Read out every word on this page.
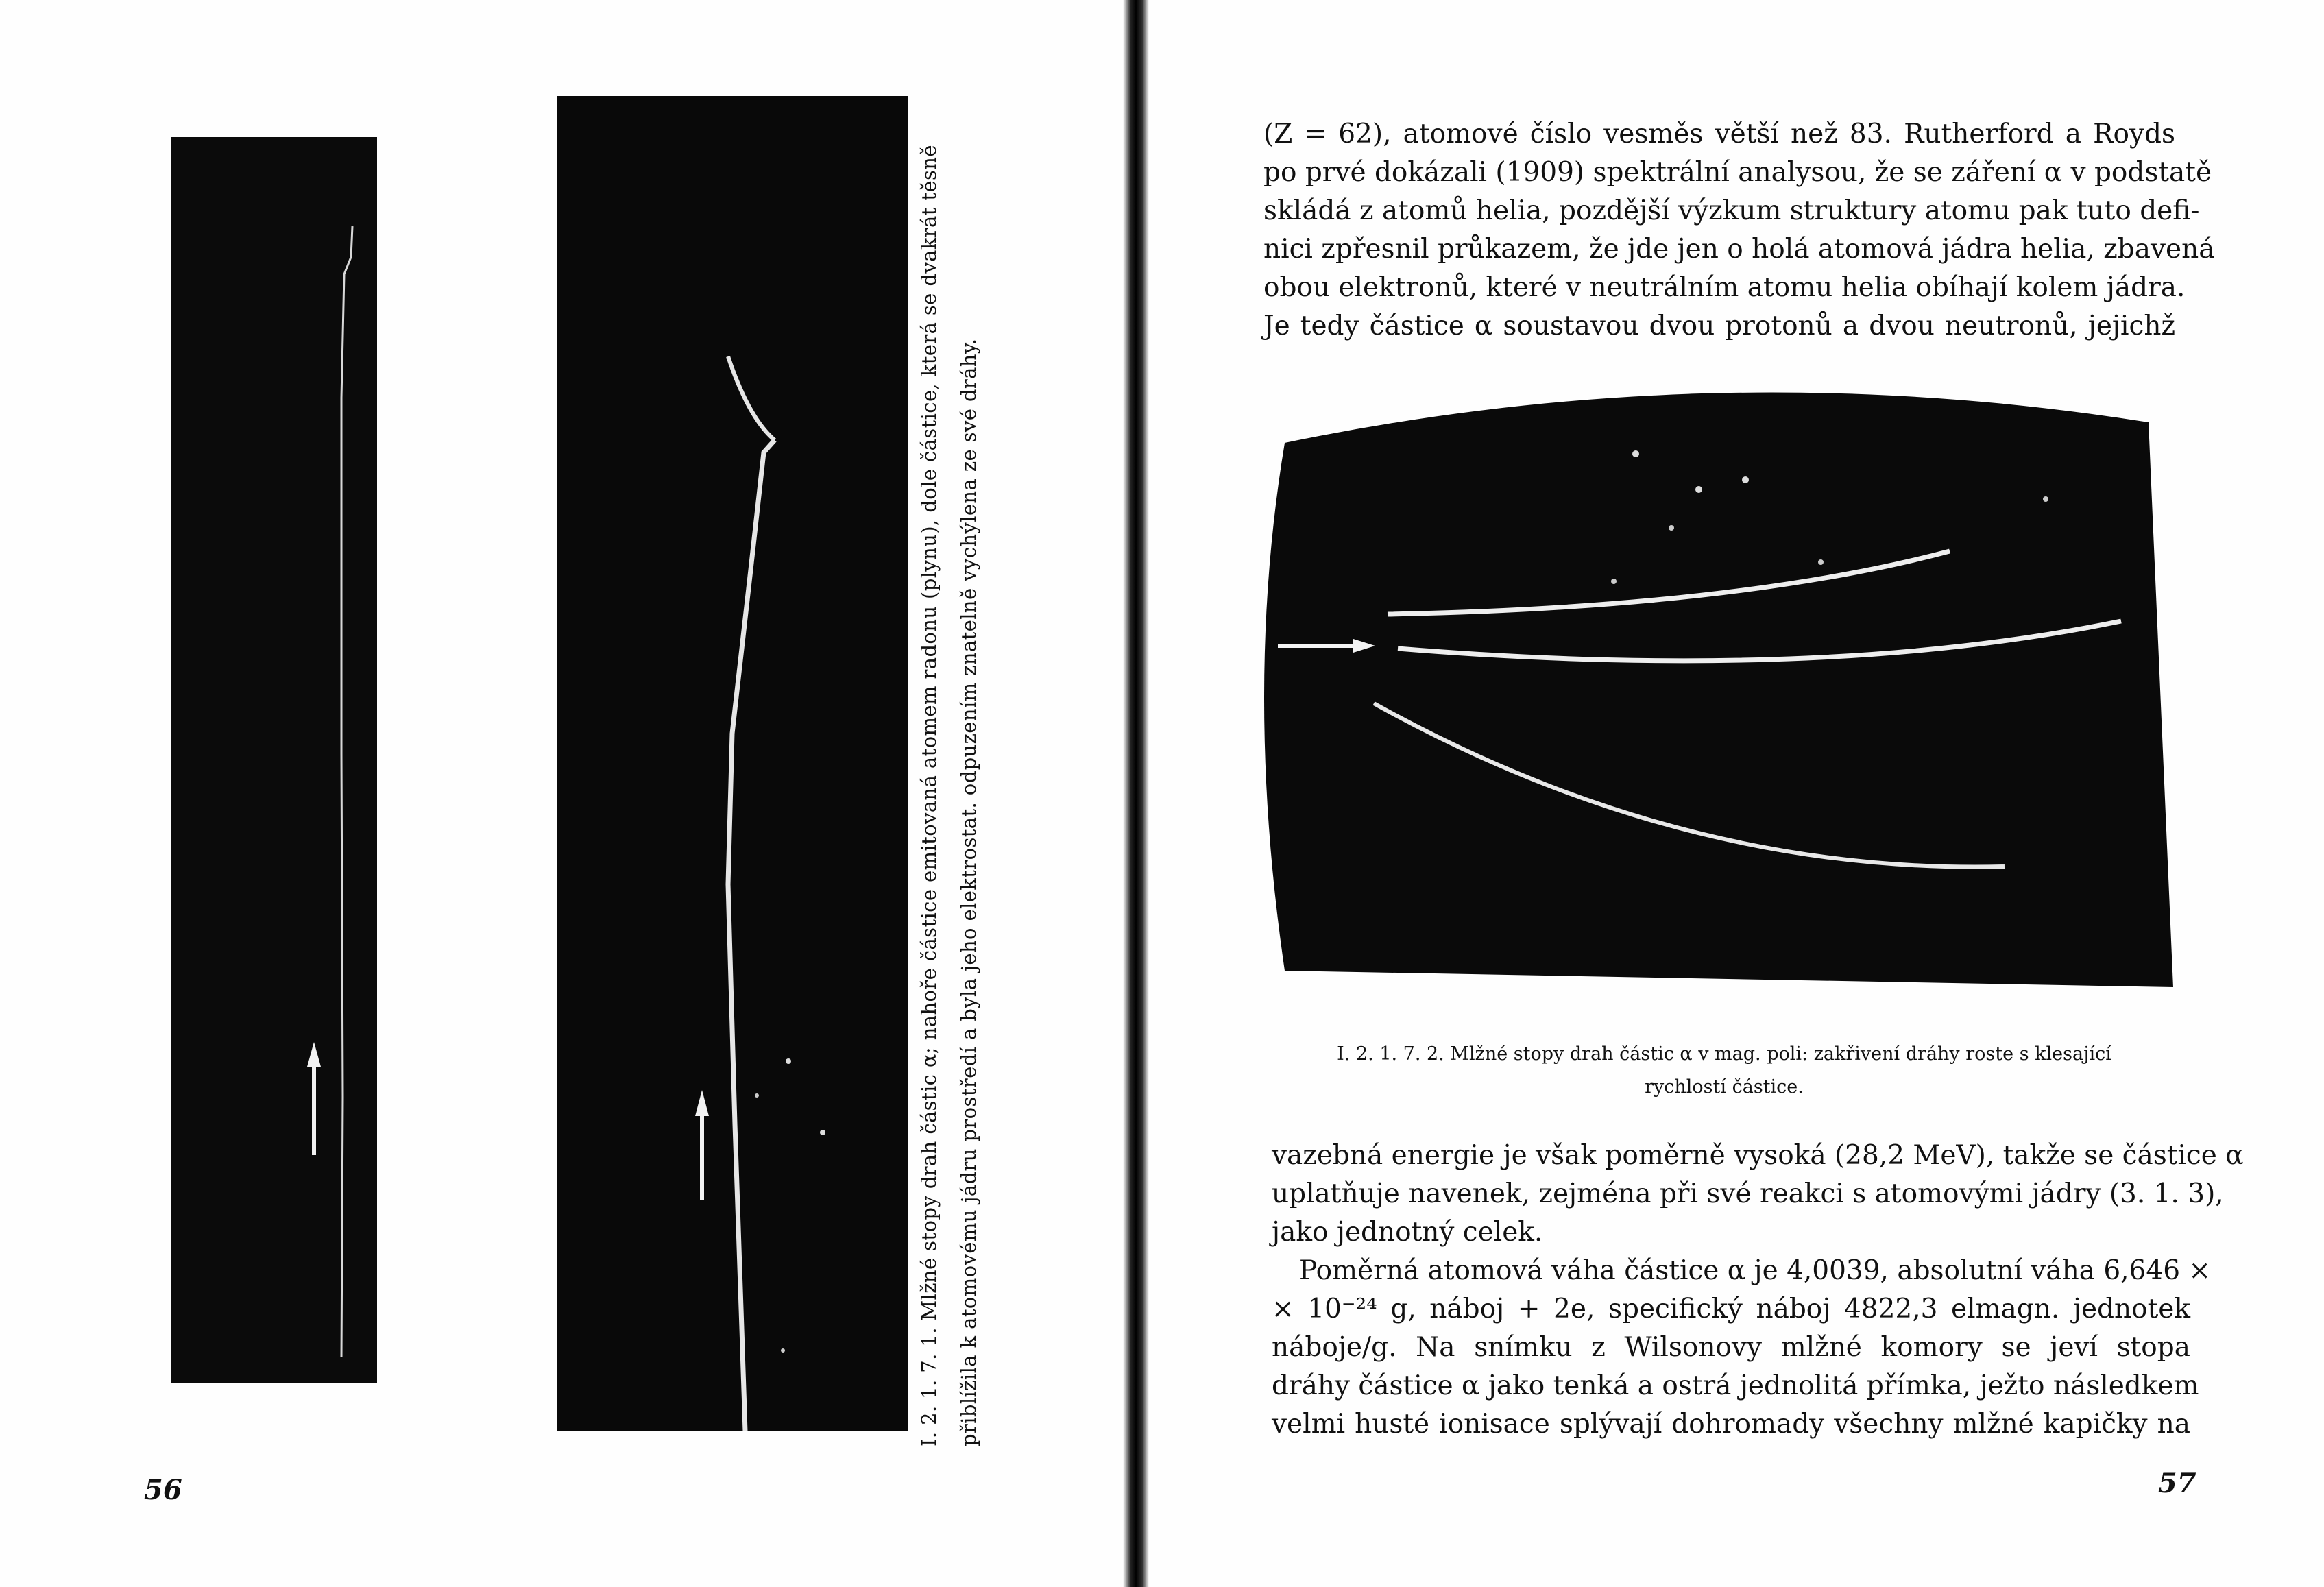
I. 2. 1. 7. 1. Mlžné stopy drah částic α; nahoře částice emitovaná atomem radonu (plynu), dole částice, která se dvakrát těsně přiblížila k atomovému jádru prostředí a byla jeho elektrostat. odpuzením znatelně vychýlena ze své dráhy.
56
(Z = 62), atomové číslo vesměs větší než 83. Rutherford a Royds
po prvé dokázali (1909) spektrální analysou, že se záření α v podstatě
skládá z atomů helia, pozdější výzkum struktury atomu pak tuto defi-
nici zpřesnil průkazem, že jde jen o holá atomová jádra helia, zbavená
obou elektronů, které v neutrálním atomu helia obíhají kolem jádra.
Je tedy částice α soustavou dvou protonů a dvou neutronů, jejichž
I. 2. 1. 7. 2. Mlžné stopy drah částic α v mag. poli: zakřivení dráhy roste s klesající
rychlostí částice.
vazebná energie je však poměrně vysoká (28,2 MeV), takže se částice α
uplatňuje navenek, zejména při své reakci s atomovými jádry (3. 1. 3),
jako jednotný celek.
Poměrná atomová váha částice α je 4,0039, absolutní váha 6,646 ×
× 10⁻²⁴ g, náboj + 2e, specifický náboj 4822,3 elmagn. jednotek
náboje/g. Na snímku z Wilsonovy mlžné komory se jeví stopa
dráhy částice α jako tenká a ostrá jednolitá přímka, ježto následkem
velmi husté ionisace splývají dohromady všechny mlžné kapičky na
57
